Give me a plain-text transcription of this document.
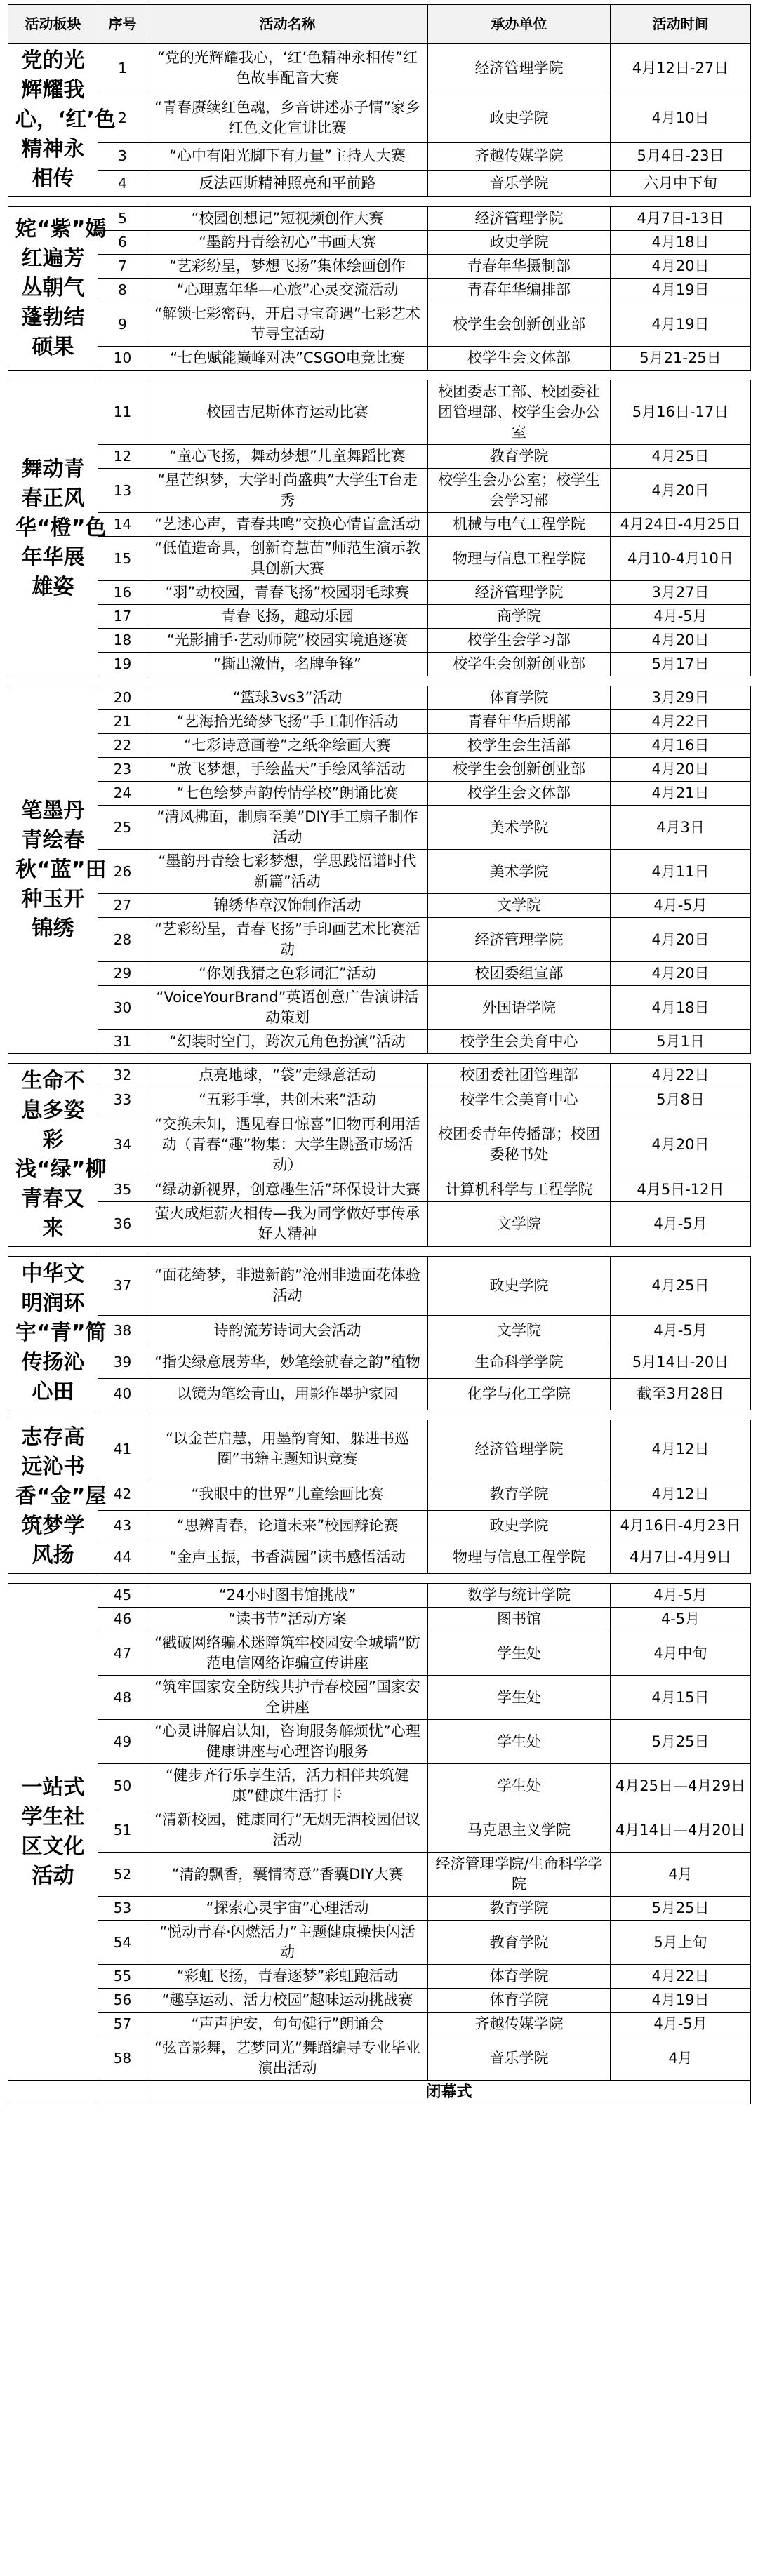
活动板块	序号	活动名称	承办单位	活动时间
党的光辉耀我心，‘红’色精神永相传	1	“党的光辉耀我心，‘红’色精神永相传”红色故事配音大赛	经济管理学院	4月12日-27日
	2	“青春赓续红色魂，乡音讲述赤子情”家乡红色文化宣讲比赛	政史学院	4月10日
	3	“心中有阳光脚下有力量”主持人大赛	齐越传媒学院	5月4日-23日
	4	反法西斯精神照亮和平前路	音乐学院	六月中下旬

姹“紫”嫣红遍芳丛朝气蓬勃结硕果	5	“校园创想记”短视频创作大赛	经济管理学院	4月7日-13日
	6	“墨韵丹青绘初心”书画大赛	政史学院	4月18日
	7	“艺彩纷呈，梦想飞扬”集体绘画创作	青春年华摄制部	4月20日
	8	“心理嘉年华—心旅”心灵交流活动	青春年华编排部	4月19日
	9	“解锁七彩密码，开启寻宝奇遇”七彩艺术节寻宝活动	校学生会创新创业部	4月19日
	10	“七色赋能巅峰对决”CSGO电竞比赛	校学生会文体部	5月21-25日

舞动青春正风华“橙”色年华展雄姿	11	校园吉尼斯体育运动比赛	校团委志工部、校团委社团管理部、校学生会办公室	5月16日-17日
	12	“童心飞扬，舞动梦想”儿童舞蹈比赛	教育学院	4月25日
	13	“星芒织梦，大学时尚盛典”大学生T台走秀	校学生会办公室；校学生会学习部	4月20日
	14	“艺述心声，青春共鸣”交换心情盲盒活动	机械与电气工程学院	4月24日-4月25日
	15	“低值造奇具，创新育慧苗”师范生演示教具创新大赛	物理与信息工程学院	4月10-4月10日
	16	“羽”动校园，青春飞扬”校园羽毛球赛	经济管理学院	3月27日
	17	青春飞扬，趣动乐园	商学院	4月-5月
	18	“光影捕手·艺动师院”校园实境追逐赛	校学生会学习部	4月20日
	19	“撕出激情，名牌争锋”	校学生会创新创业部	5月17日

笔墨丹青绘春秋“蓝”田种玉开锦绣	20	“篮球3vs3”活动	体育学院	3月29日
	21	“艺海拾光绮梦飞扬”手工制作活动	青春年华后期部	4月22日
	22	“七彩诗意画卷”之纸伞绘画大赛	校学生会生活部	4月16日
	23	“放飞梦想，手绘蓝天”手绘风筝活动	校学生会创新创业部	4月20日
	24	“七色绘梦声韵传情学校”朗诵比赛	校学生会文体部	4月21日
	25	“清风拂面，制扇至美”DIY手工扇子制作活动	美术学院	4月3日
	26	“墨韵丹青绘七彩梦想，学思践悟谱时代新篇”活动	美术学院	4月11日
	27	锦绣华章汉饰制作活动	文学院	4月-5月
	28	“艺彩纷呈，青春飞扬”手印画艺术比赛活动	经济管理学院	4月20日
	29	“你划我猜之色彩词汇”活动	校团委组宣部	4月20日
	30	“VoiceYourBrand”英语创意广告演讲活动策划	外国语学院	4月18日
	31	“幻装时空门，跨次元角色扮演”活动	校学生会美育中心	5月1日

生命不息多姿彩浅“绿”柳青春又来	32	点亮地球，“袋”走绿意活动	校团委社团管理部	4月22日
	33	“五彩手掌，共创未来”活动	校学生会美育中心	5月8日
	34	“交换未知，遇见春日惊喜”旧物再利用活动（青春“趣”物集：大学生跳蚤市场活动）	校团委青年传播部；校团委秘书处	4月20日
	35	“绿动新视界，创意趣生活”环保设计大赛	计算机科学与工程学院	4月5日-12日
	36	萤火成炬薪火相传—我为同学做好事传承好人精神	文学院	4月-5月

中华文明润环宇“青”简传扬沁心田	37	“面花绮梦，非遗新韵”沧州非遗面花体验活动	政史学院	4月25日
	38	诗韵流芳诗词大会活动	文学院	4月-5月
	39	“指尖绿意展芳华，妙笔绘就春之韵”植物	生命科学学院	5月14日-20日
	40	以镜为笔绘青山，用影作墨护家园	化学与化工学院	截至3月28日

志存高远沁书香“金”屋筑梦学风扬	41	“以金芒启慧，用墨韵育知，躲进书巡圈”书籍主题知识竞赛	经济管理学院	4月12日
	42	“我眼中的世界”儿童绘画比赛	教育学院	4月12日
	43	“思辨青春，论道未来”校园辩论赛	政史学院	4月16日-4月23日
	44	“金声玉振，书香满园”读书感悟活动	物理与信息工程学院	4月7日-4月9日

一站式学生社区文化活动	45	“24小时图书馆挑战”	数学与统计学院	4月-5月
	46	“读书节”活动方案	图书馆	4-5月
	47	“戳破网络骗术迷障筑牢校园安全城墙”防范电信网络诈骗宣传讲座	学生处	4月中旬
	48	“筑牢国家安全防线共护青春校园”国家安全讲座	学生处	4月15日
	49	“心灵讲解启认知，咨询服务解烦忧”心理健康讲座与心理咨询服务	学生处	5月25日
	50	“健步齐行乐享生活，活力相伴共筑健康”健康生活打卡	学生处	4月25日—4月29日
	51	“清新校园，健康同行”无烟无酒校园倡议活动	马克思主义学院	4月14日—4月20日
	52	“清韵飘香，囊情寄意”香囊DIY大赛	经济管理学院/生命科学学院	4月
	53	“探索心灵宇宙”心理活动	教育学院	5月25日
	54	“悦动青春·闪燃活力”主题健康操快闪活动	教育学院	5月上旬
	55	“彩虹飞扬，青春逐梦”彩虹跑活动	体育学院	4月22日
	56	“趣享运动、活力校园”趣味运动挑战赛	体育学院	4月19日
	57	“声声护安，句句健行”朗诵会	齐越传媒学院	4月-5月
	58	“弦音影舞，艺梦同光”舞蹈编导专业毕业演出活动	音乐学院	4月
		闭幕式		
